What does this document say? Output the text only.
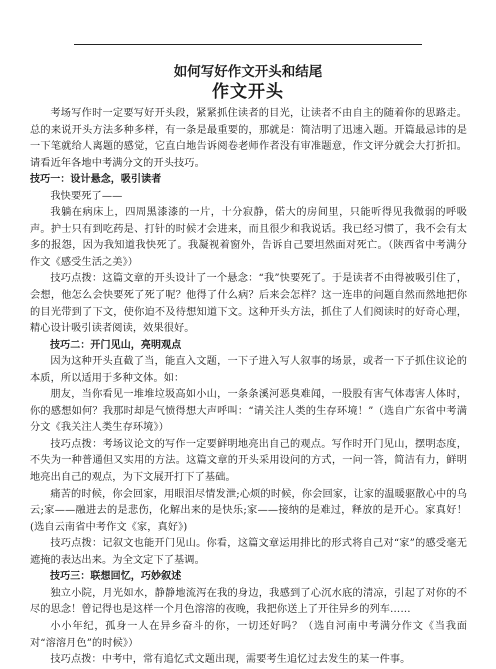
如何写好作文开头和结尾
作文开头

考场写作时一定要写好开头段，紧紧抓住读者的目光，让读者不由自主的随着你的思路走。总的来说开头方法多种多样，有一条是最重要的，那就是：简洁明了迅速入题。开篇最忌讳的是一下笔就给人离题的感觉，它直白地告诉阅卷老师作者没有审准题意，作文评分就会大打折扣。请看近年各地中考满分文的开头技巧。

技巧一：设计悬念，吸引读者

我快要死了——

我躺在病床上，四周黑漆漆的一片，十分寂静，偌大的房间里，只能听得见我微弱的呼吸声。护士只有到吃药是、打针的时候才会进来，而且很少和我说话。我已经习惯了，我不会有太多的报怨，因为我知道我快死了。我凝视着窗外，告诉自己要坦然面对死亡。（陕西省中考满分作文《感受生活之美》）

技巧点拨：这篇文章的开头设计了一个悬念：“我”快要死了。于是读者不由得被吸引住了，会想，他怎么会快要死了死了呢？他得了什么病？后来会怎样？这一连串的问题自然而然地把你的目光带到了下文，使你迫不及待想知道下文。这种开头方法，抓住了人们阅读时的好奇心理，精心设计吸引读者阅读，效果很好。

技巧二：开门见山，亮明观点

因为这种开头直截了当，能直入文题，一下子进入写人叙事的场景，或者一下子抓住议论的本质，所以适用于多种文体。如：

朋友，当你看见一堆堆垃圾高如小山，一条条溪河恶臭难闻，一股股有害气体毒害人体时，你的感想如何？我那时却是气愤得想大声呼叫：“请关注人类的生存环境！”（选自广东省中考满分文《我关注人类生存环境》）

技巧点拨：考场议论文的写作一定要鲜明地亮出自己的观点。写作时开门见山，摆明态度，不失为一种普通但又实用的方法。这篇文章的开头采用设问的方式，一问一答，简洁有力，鲜明地亮出自己的观点，为下文展开打下了基础。

痛苦的时候，你会回家，用眼泪尽情发泄;心烦的时候，你会回家，让家的温暖驱散心中的乌云;家——融进去的是悲伤，化解出来的是快乐;家——接纳的是难过，释放的是开心。家真好！(选自云南省中考作文《家，真好》)

技巧点拨：记叙文也能开门见山。你看，这篇文章运用排比的形式将自己对“家”的感受毫无遮掩的表达出来。为全文定下了基调。

技巧三：联想回忆，巧妙叙述

独立小院，月光如水，静静地流泻在我的身边，我感到了心沉水底的清凉，引起了对你的不尽的思念！曾记得也是这样一个月色溶溶的夜晚，我把你送上了开往异乡的列车……

小小年纪，孤身一人在异乡奋斗的你，一切还好吗？（选自河南中考满分作文《当我面对“溶溶月色”的时候》）

技巧点拨：中考中，常有追忆式文题出现，需要考生追忆过去发生的某一件事。
